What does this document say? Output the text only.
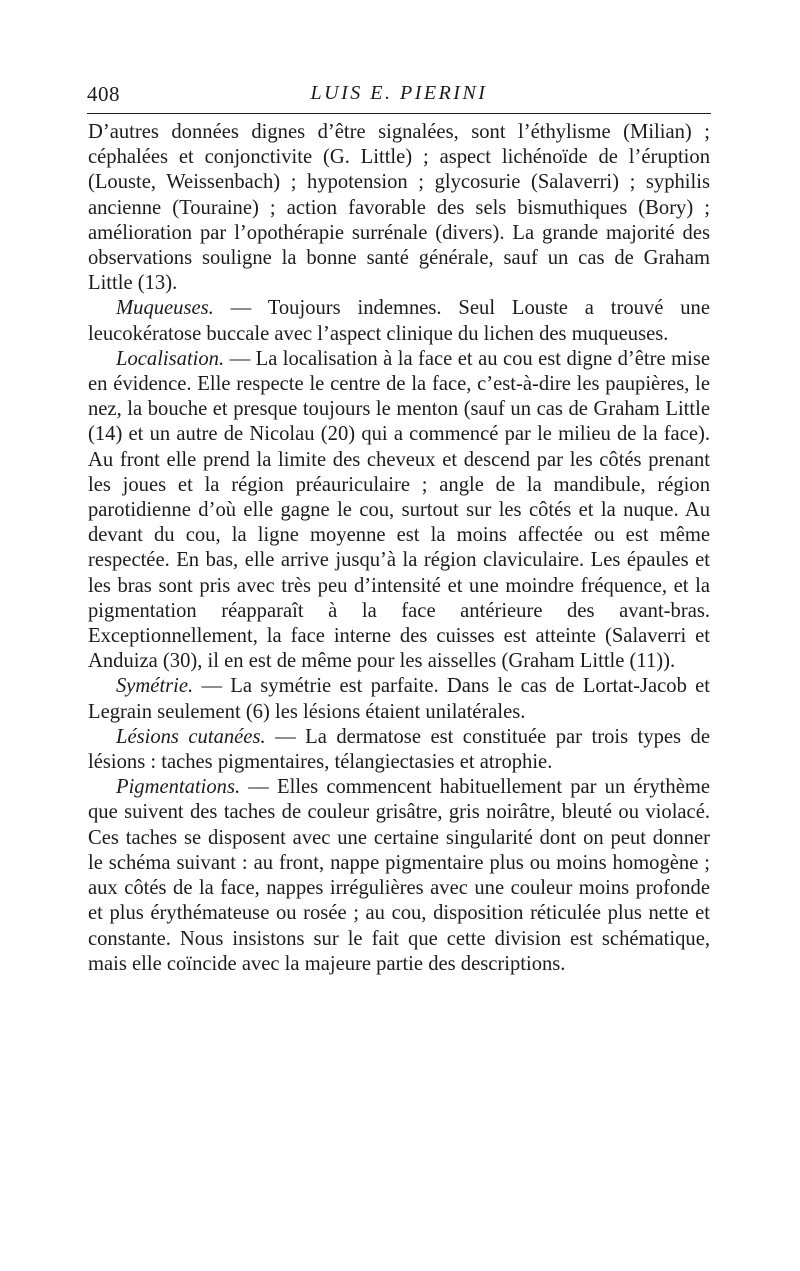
408	LUIS E. PIERINI

D’autres données dignes d’être signalées, sont l’éthylisme (Milian) ; céphalées et conjonctivite (G. Little) ; aspect lichénoïde de l’éruption (Louste, Weissenbach) ; hypotension ; glycosurie (Salaverri) ; syphilis ancienne (Touraine) ; action favorable des sels bismuthiques (Bory) ; amélioration par l’opothérapie surrénale (divers). La grande majorité des observations souligne la bonne santé générale, sauf un cas de Graham Little (13).

Muqueuses. — Toujours indemnes. Seul Louste a trouvé une leucokératose buccale avec l’aspect clinique du lichen des muqueuses.

Localisation. — La localisation à la face et au cou est digne d’être mise en évidence. Elle respecte le centre de la face, c’est-à-dire les paupières, le nez, la bouche et presque toujours le menton (sauf un cas de Graham Little (14) et un autre de Nicolau (20) qui a commencé par le milieu de la face). Au front elle prend la limite des cheveux et descend par les côtés prenant les joues et la région préauriculaire ; angle de la mandibule, région parotidienne d’où elle gagne le cou, surtout sur les côtés et la nuque. Au devant du cou, la ligne moyenne est la moins affectée ou est même respectée. En bas, elle arrive jusqu’à la région claviculaire. Les épaules et les bras sont pris avec très peu d’intensité et une moindre fréquence, et la pigmentation réapparaît à la face antérieure des avant-bras. Exceptionnellement, la face interne des cuisses est atteinte (Salaverri et Anduiza (30), il en est de même pour les aisselles (Graham Little (11)).

Symétrie. — La symétrie est parfaite. Dans le cas de Lortat-Jacob et Legrain seulement (6) les lésions étaient unilatérales.

Lésions cutanées. — La dermatose est constituée par trois types de lésions : taches pigmentaires, télangiectasies et atrophie.

Pigmentations. — Elles commencent habituellement par un érythème que suivent des taches de couleur grisâtre, gris noirâtre, bleuté ou violacé. Ces taches se disposent avec une certaine singularité dont on peut donner le schéma suivant : au front, nappe pigmentaire plus ou moins homogène ; aux côtés de la face, nappes irrégulières avec une couleur moins profonde et plus érythémateuse ou rosée ; au cou, disposition réticulée plus nette et constante. Nous insistons sur le fait que cette division est schématique, mais elle coïncide avec la majeure partie des descriptions.
